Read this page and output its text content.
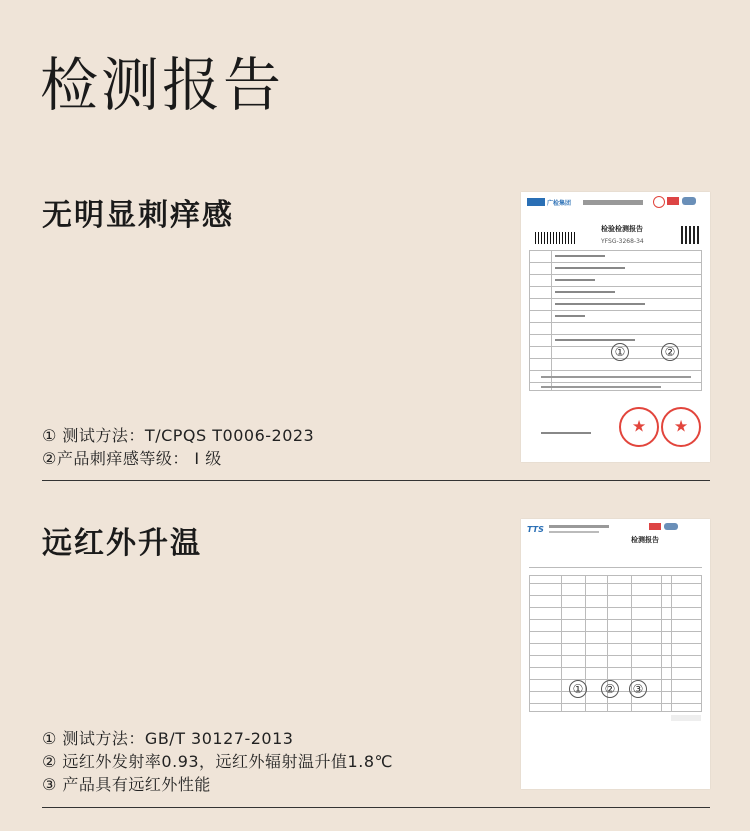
检测报告
无明显刺痒感
① 测试方法：T/CPQS T0006-2023
②产品刺痒感等级： Ⅰ 级
广检集团
检验检测报告
YFSG-3268-34
①	②
★	★
远红外升温
① 测试方法：GB/T 30127-2013
② 远红外发射率0.93，远红外辐射温升值1.8℃
③ 产品具有远红外性能
TTS
检测报告
①	②	③
